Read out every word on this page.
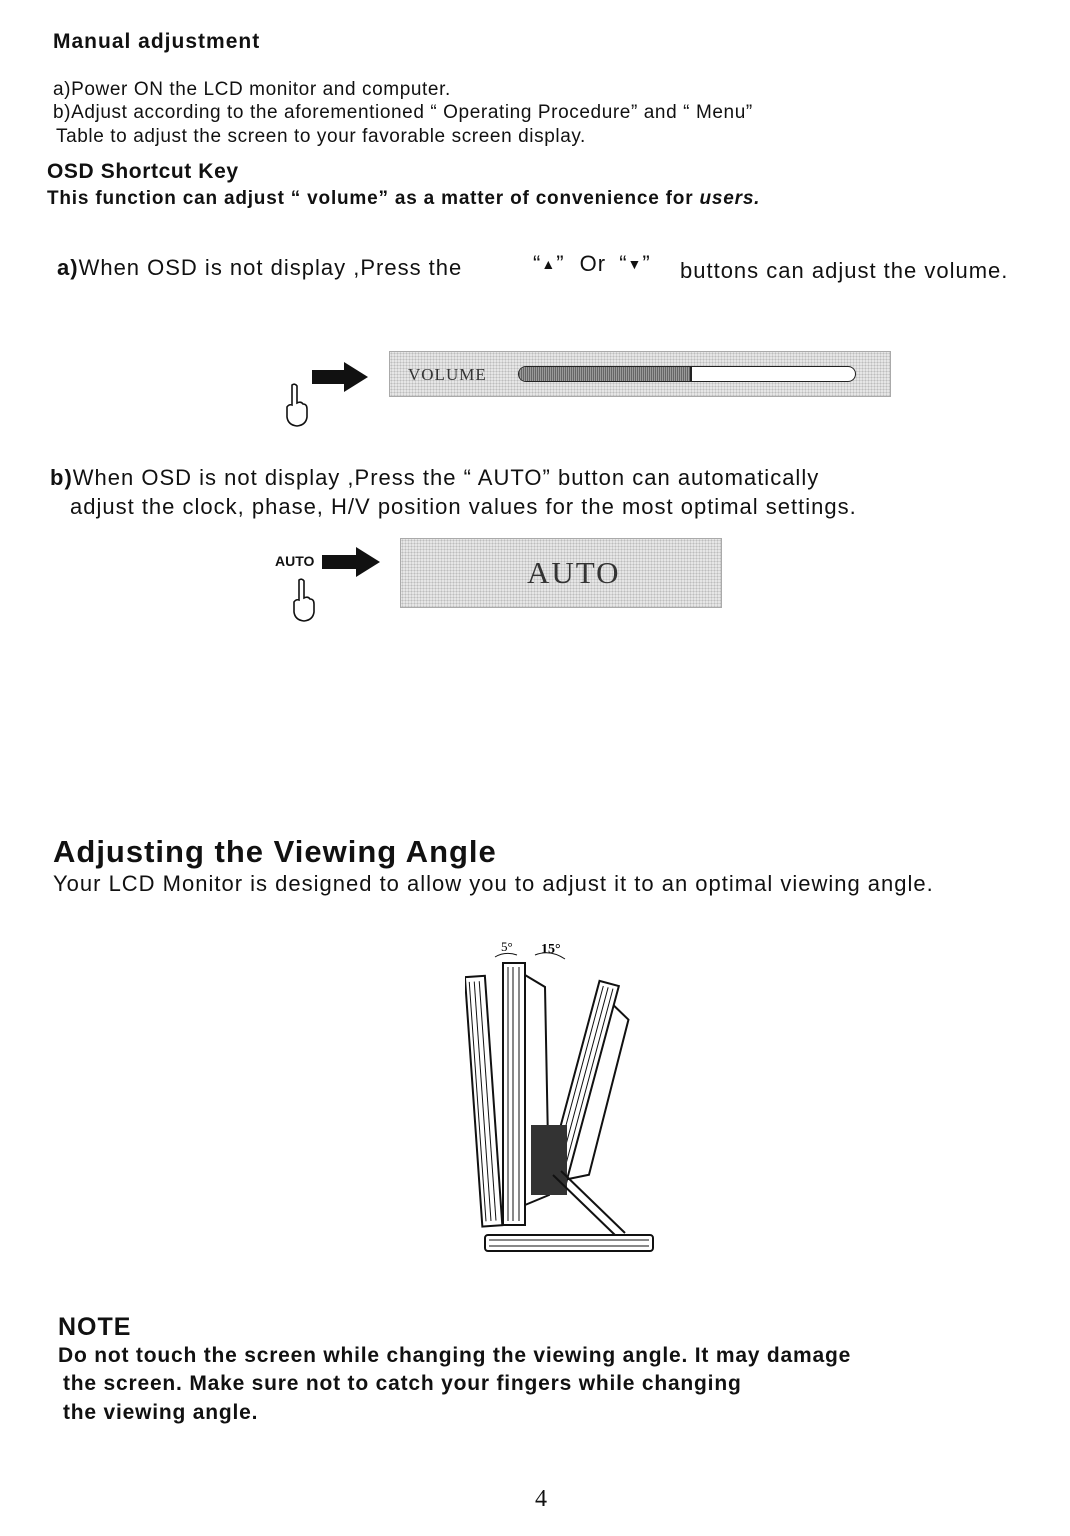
Manual adjustment
a)Power ON the LCD monitor and computer.
b)Adjust according to the aforementioned “ Operating Procedure” and “ Menu”
Table to adjust the screen to your favorable screen display.
OSD Shortcut Key
This function can adjust “ volume” as a matter of convenience for users.
a)When OSD is not display ,Press the	“▲” Or “▼” buttons can adjust the volume.
VOLUME
b)When OSD is not display ,Press the “ AUTO” button can automatically
adjust the clock, phase, H/V position values for the most optimal settings.
AUTO	AUTO
Adjusting the Viewing Angle
Your LCD Monitor is designed to allow you to adjust it to an optimal viewing angle.
5° 15°
NOTE
Do not touch the screen while changing the viewing angle. It may damage
the screen. Make sure not to catch your fingers while changing
the viewing angle.
4
